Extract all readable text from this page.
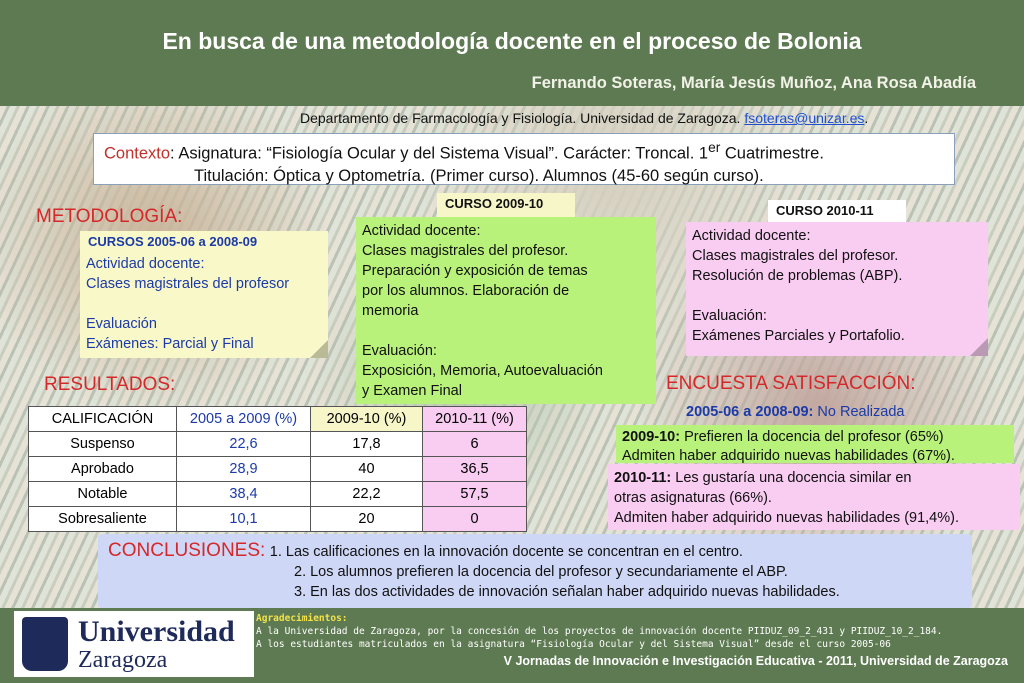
En busca de una metodología docente en el proceso de Bolonia
Fernando Soteras, María Jesús Muñoz, Ana Rosa Abadía
Departamento de Farmacología y Fisiología. Universidad de Zaragoza. fsoteras@unizar.es.
Contexto: Asignatura: “Fisiología Ocular y del Sistema Visual”. Carácter: Troncal. 1er Cuatrimestre.
Titulación: Óptica y Optometría. (Primer curso). Alumnos (45-60 según curso).
METODOLOGÍA:
CURSOS 2005-06 a 2008-09
Actividad docente:
Clases magistrales del profesor

Evaluación
Exámenes: Parcial y Final
CURSO 2009-10
Actividad docente:
Clases magistrales del profesor.
Preparación y exposición de temas
por los alumnos. Elaboración de
memoria

Evaluación:
Exposición, Memoria, Autoevaluación
y Examen Final
CURSO 2010-11
Actividad docente:
Clases magistrales del profesor.
Resolución de problemas (ABP).

Evaluación:
Exámenes Parciales y Portafolio.
RESULTADOS:
CALIFICACIÓN	2005 a 2009 (%)	2009-10 (%)	2010-11 (%)
Suspenso	22,6	17,8	6
Aprobado	28,9	40	36,5
Notable	38,4	22,2	57,5
Sobresaliente	10,1	20	0
ENCUESTA SATISFACCIÓN:
2005-06 a 2008-09: No Realizada
2009-10: Prefieren la docencia del profesor (65%)
Admiten haber adquirido nuevas habilidades (67%).
2010-11: Les gustaría una docencia similar en
otras asignaturas (66%).
Admiten haber adquirido nuevas habilidades (91,4%).
CONCLUSIONES: 1. Las calificaciones en la innovación docente se concentran en el centro.
2. Los alumnos prefieren la docencia del profesor y secundariamente el ABP.
3. En las dos actividades de innovación señalan haber adquirido nuevas habilidades.
Universidad
Zaragoza
Agradecimientos:
A la Universidad de Zaragoza, por la concesión de los proyectos de innovación docente PIIDUZ_09_2_431 y PIIDUZ_10_2_184.
A los estudiantes matriculados en la asignatura “Fisiología Ocular y del Sistema Visual” desde el curso 2005-06
V Jornadas de Innovación e Investigación Educativa - 2011, Universidad de Zaragoza
